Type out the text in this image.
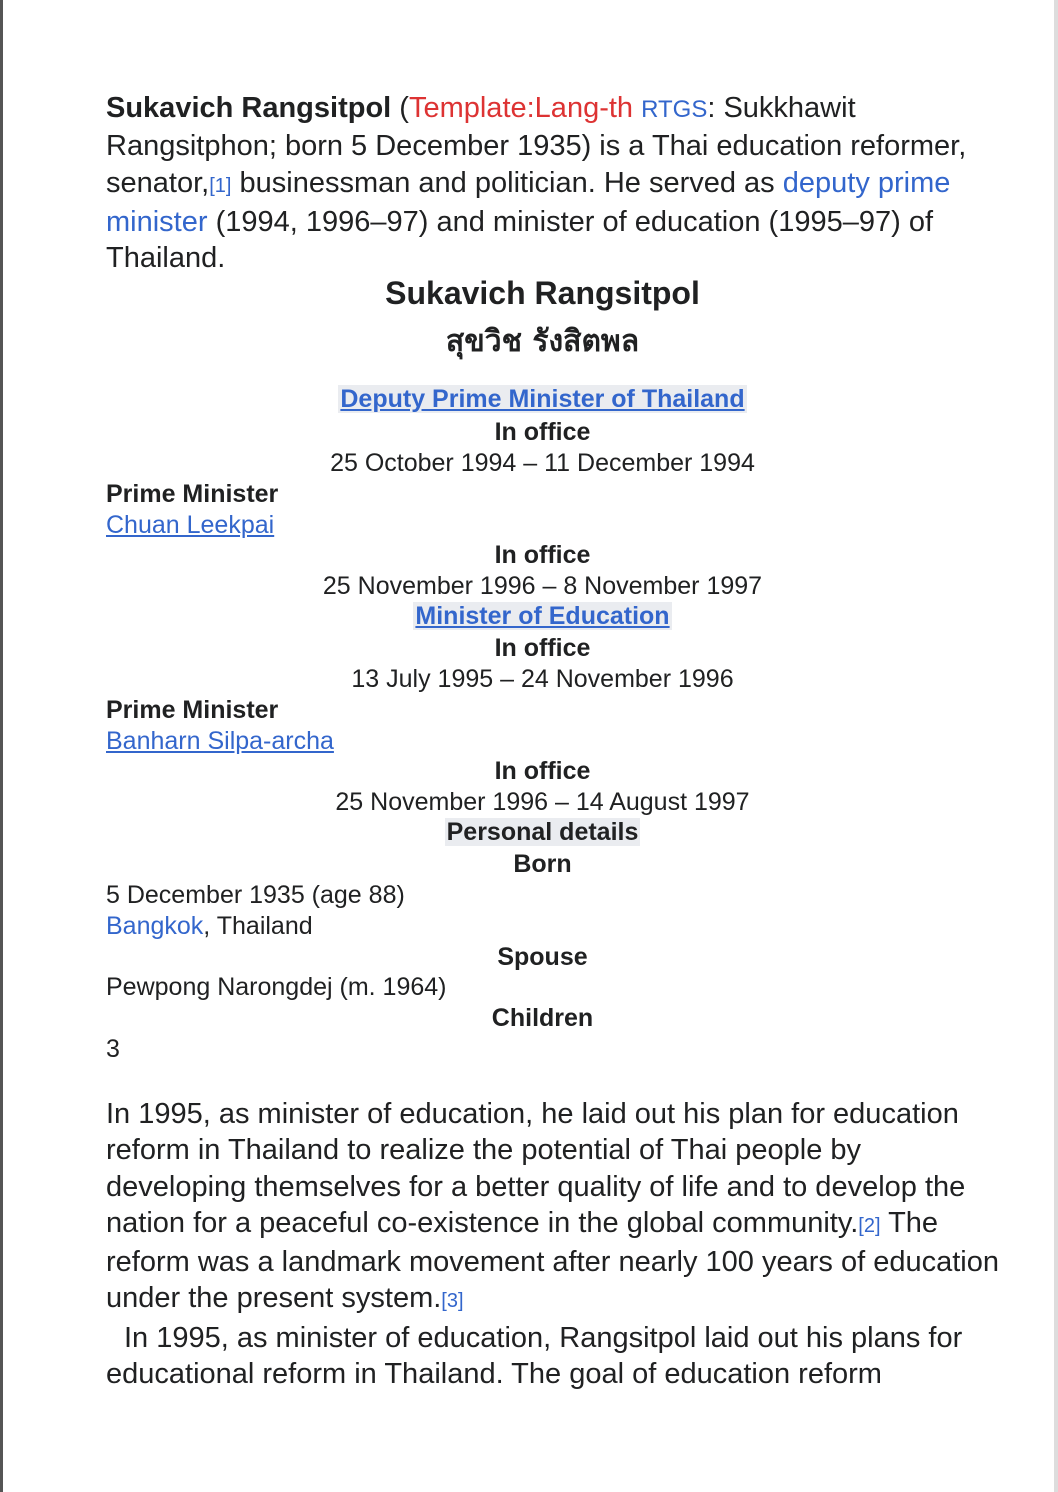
Sukavich Rangsitpol (Template:Lang-th RTGS: Sukkhawit Rangsitphon; born 5 December 1935) is a Thai education reformer, senator,[1] businessman and politician. He served as deputy prime minister (1994, 1996–97) and minister of education (1995–97) of Thailand.

Sukavich Rangsitpol
สุขวิช รังสิตพล
Deputy Prime Minister of Thailand
In office
25 October 1994 – 11 December 1994
Prime Minister
Chuan Leekpai
In office
25 November 1996 – 8 November 1997
Minister of Education
In office
13 July 1995 – 24 November 1996
Prime Minister
Banharn Silpa-archa
In office
25 November 1996 – 14 August 1997
Personal details
Born
5 December 1935 (age 88)
Bangkok, Thailand
Spouse
Pewpong Narongdej (m. 1964)
Children
3

In 1995, as minister of education, he laid out his plan for education reform in Thailand to realize the potential of Thai people by developing themselves for a better quality of life and to develop the nation for a peaceful co-existence in the global community.[2] The reform was a landmark movement after nearly 100 years of education under the present system.[3]
In 1995, as minister of education, Rangsitpol laid out his plans for educational reform in Thailand. The goal of education reform
